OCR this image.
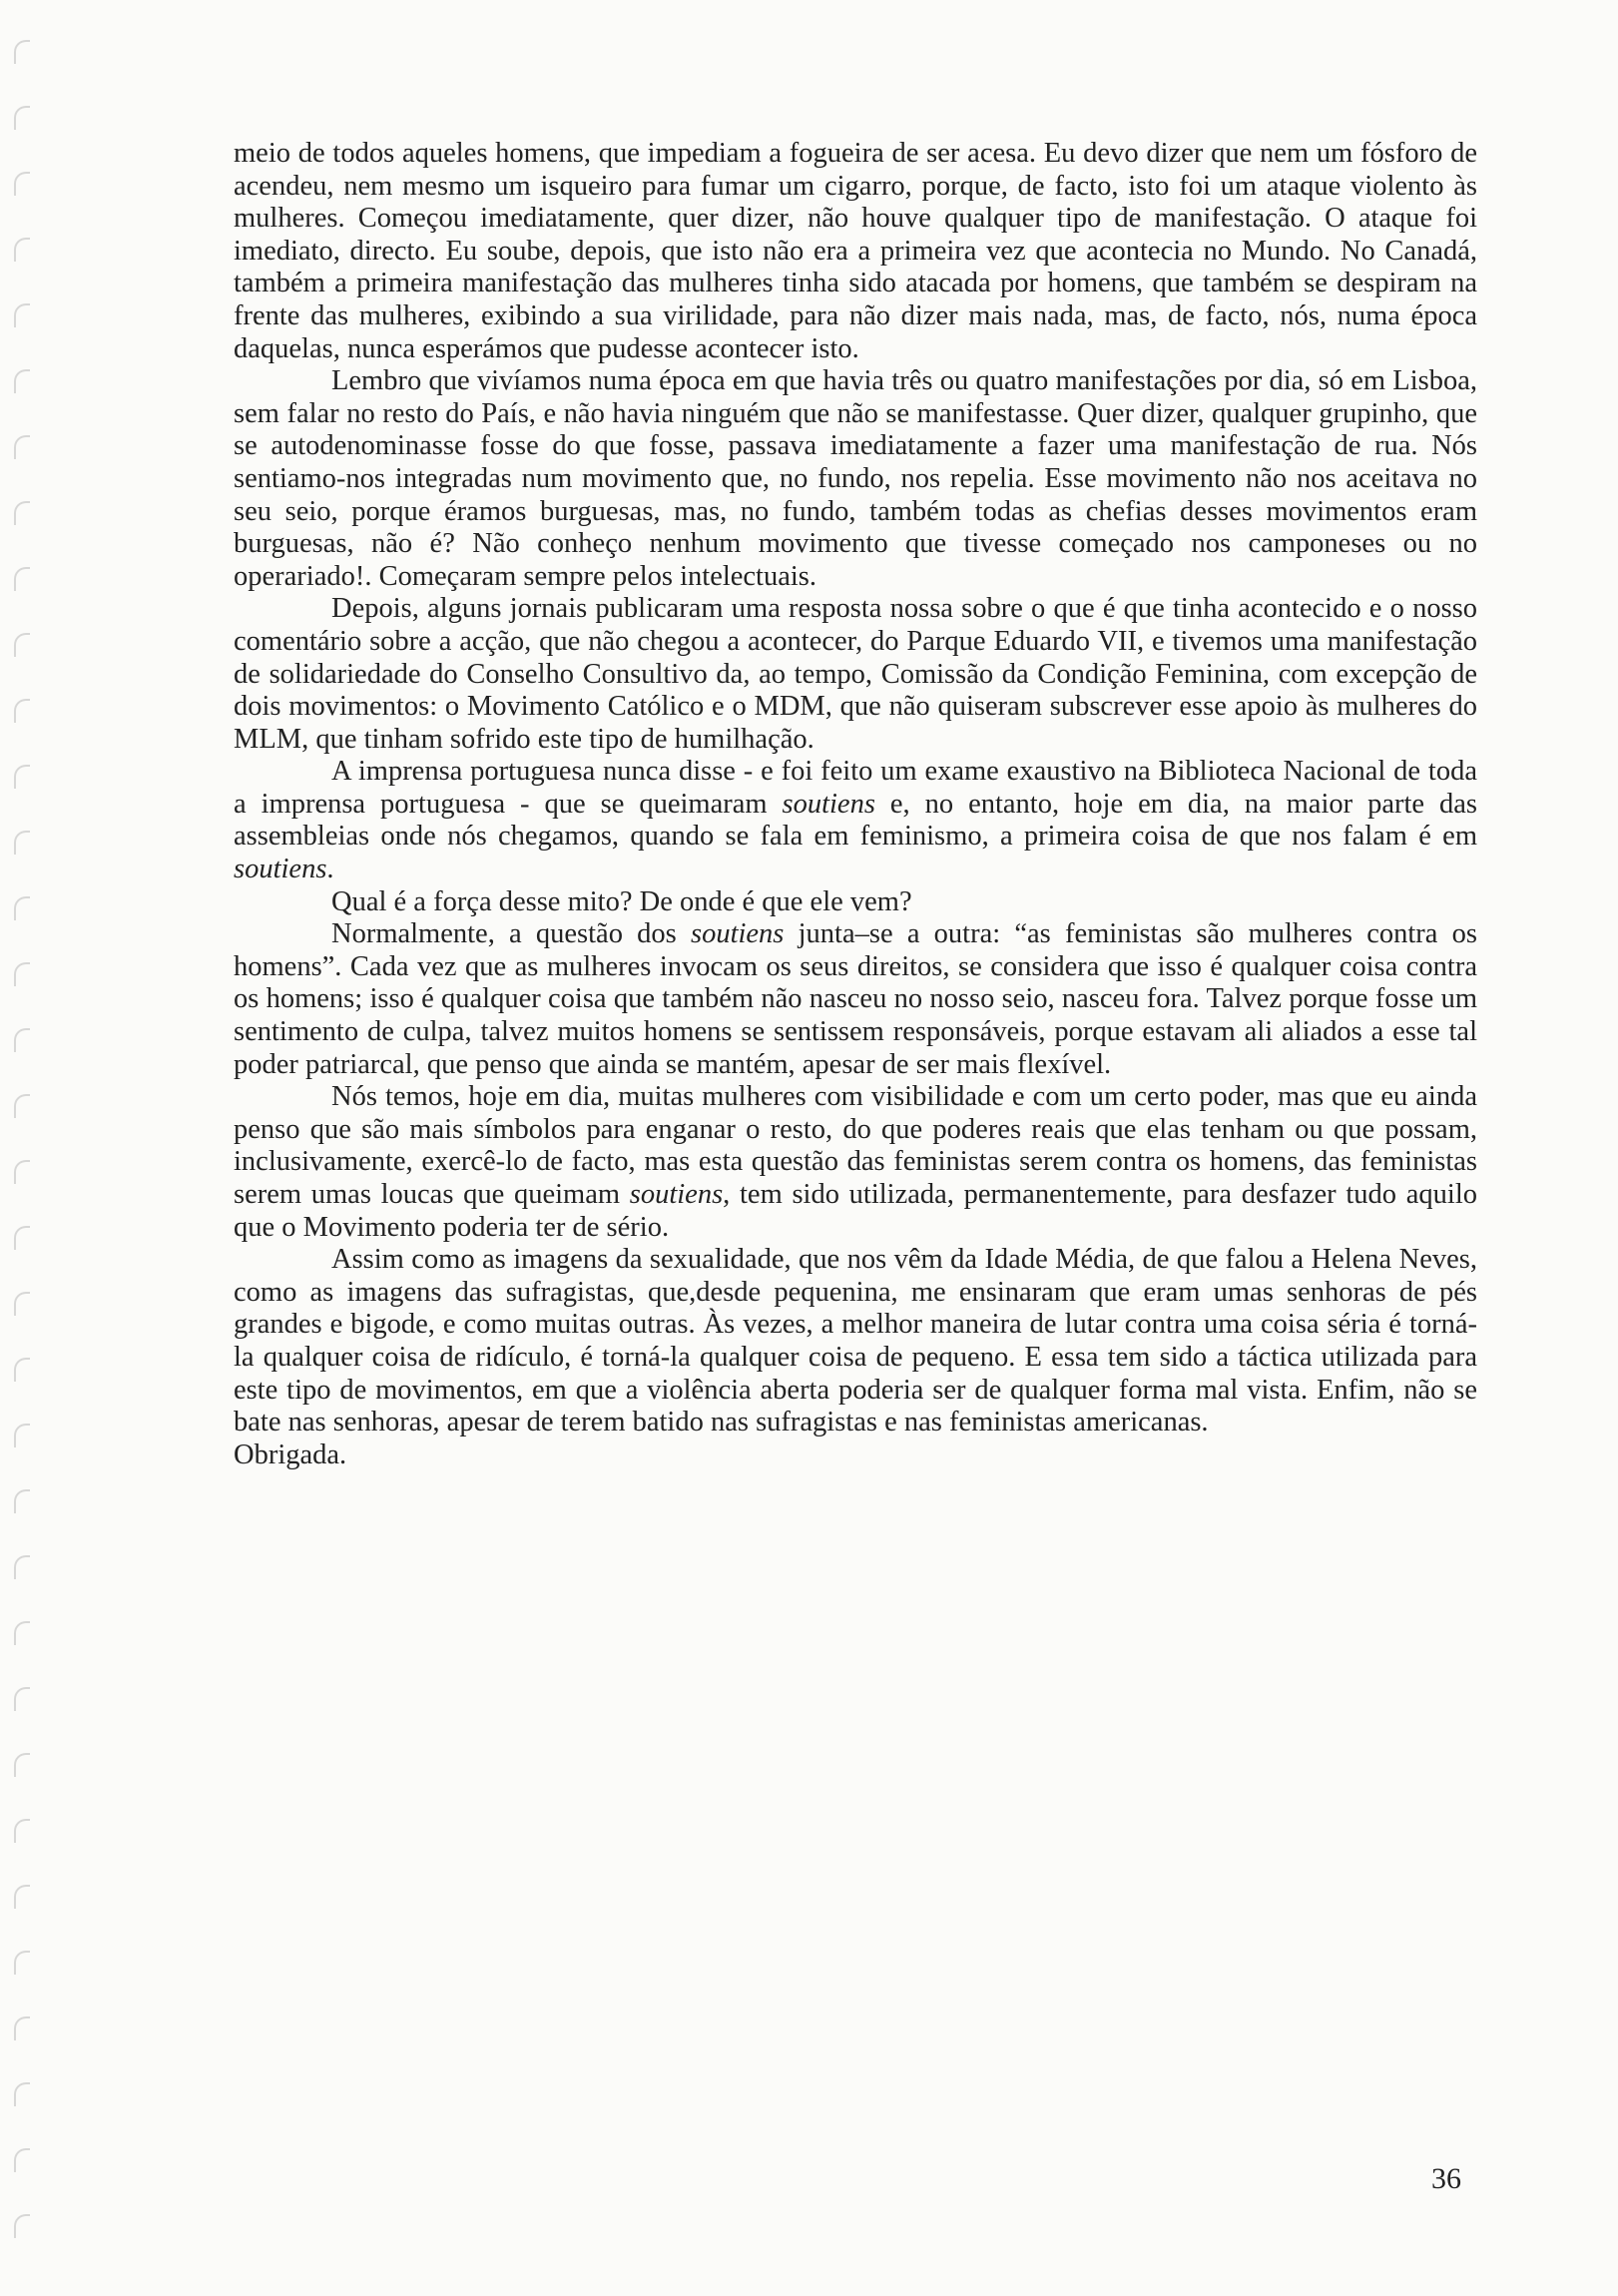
meio de todos aqueles homens, que impediam a fogueira de ser acesa. Eu devo dizer que nem um fósforo de acendeu, nem mesmo um isqueiro para fumar um cigarro, porque, de facto, isto foi um ataque violento às mulheres. Começou imediatamente, quer dizer, não houve qualquer tipo de manifestação. O ataque foi imediato, directo. Eu soube, depois, que isto não era a primeira vez que acontecia no Mundo. No Canadá, também a primeira manifestação das mulheres tinha sido atacada por homens, que também se despiram na frente das mulheres, exibindo a sua virilidade, para não dizer mais nada, mas, de facto, nós, numa época daquelas, nunca esperámos que pudesse acontecer isto.

Lembro que vivíamos numa época em que havia três ou quatro manifestações por dia, só em Lisboa, sem falar no resto do País, e não havia ninguém que não se manifestasse. Quer dizer, qualquer grupinho, que se autodenominasse fosse do que fosse, passava imediatamente a fazer uma manifestação de rua. Nós sentiamo-nos integradas num movimento que, no fundo, nos repelia. Esse movimento não nos aceitava no seu seio, porque éramos burguesas, mas, no fundo, também todas as chefias desses movimentos eram burguesas, não é? Não conheço nenhum movimento que tivesse começado nos camponeses ou no operariado!. Começaram sempre pelos intelectuais.

Depois, alguns jornais publicaram uma resposta nossa sobre o que é que tinha acontecido e o nosso comentário sobre a acção, que não chegou a acontecer, do Parque Eduardo VII, e tivemos uma manifestação de solidariedade do Conselho Consultivo da, ao tempo, Comissão da Condição Feminina, com excepção de dois movimentos: o Movimento Católico e o MDM, que não quiseram subscrever esse apoio às mulheres do MLM, que tinham sofrido este tipo de humilhação.

A imprensa portuguesa nunca disse - e foi feito um exame exaustivo na Biblioteca Nacional de toda a imprensa portuguesa - que se queimaram soutiens e, no entanto, hoje em dia, na maior parte das assembleias onde nós chegamos, quando se fala em feminismo, a primeira coisa de que nos falam é em soutiens.

Qual é a força desse mito? De onde é que ele vem?

Normalmente, a questão dos soutiens junta–se a outra: “as feministas são mulheres contra os homens”. Cada vez que as mulheres invocam os seus direitos, se considera que isso é qualquer coisa contra os homens; isso é qualquer coisa que também não nasceu no nosso seio, nasceu fora. Talvez porque fosse um sentimento de culpa, talvez muitos homens se sentissem responsáveis, porque estavam ali aliados a esse tal poder patriarcal, que penso que ainda se mantém, apesar de ser mais flexível.

Nós temos, hoje em dia, muitas mulheres com visibilidade e com um certo poder, mas que eu ainda penso que são mais símbolos para enganar o resto, do que poderes reais que elas tenham ou que possam, inclusivamente, exercê-lo de facto, mas esta questão das feministas serem contra os homens, das feministas serem umas loucas que queimam soutiens, tem sido utilizada, permanentemente, para desfazer tudo aquilo que o Movimento poderia ter de sério.

Assim como as imagens da sexualidade, que nos vêm da Idade Média, de que falou a Helena Neves, como as imagens das sufragistas, que,desde pequenina, me ensinaram que eram umas senhoras de pés grandes e bigode, e como muitas outras. Às vezes, a melhor maneira de lutar contra uma coisa séria é torná-la qualquer coisa de ridículo, é torná-la qualquer coisa de pequeno. E essa tem sido a táctica utilizada para este tipo de movimentos, em que a violência aberta poderia ser de qualquer forma mal vista. Enfim, não se bate nas senhoras, apesar de terem batido nas sufragistas e nas feministas americanas.

Obrigada.

36
